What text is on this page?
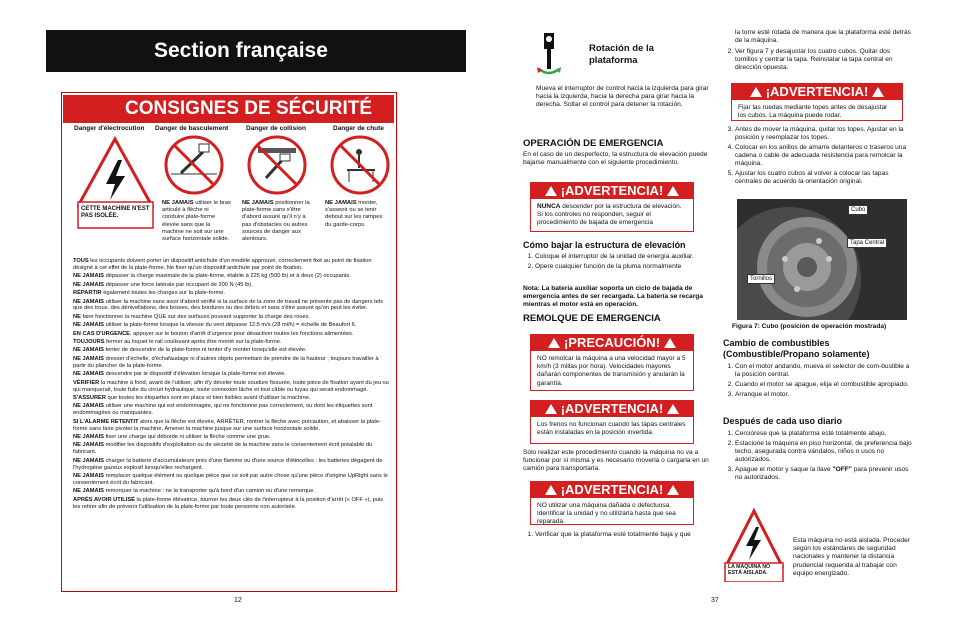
Section française
CONSIGNES DE SÉCURITÉ
Danger d'électrocution Danger de basculement	Danger de collision	Danger de chute
CETTE MACHINE N'EST PAS ISOLÉE.
NE JAMAIS utiliser le bras articulé à flèche ni conduire plate-forme élevée sans que la machine ne soit sur une surface horizontale solide.
NE JAMAIS positionner la plate-forme sans s'être d'abord assuré qu'il n'y a pas d'obstacles ou autres sources de danger aux alentours.
NE JAMAIS monter, s'asseoir ou se tenir debout sur les rampes du garde-corps.

TOUS les occupants doivent porter un dispositif antichute d'un modèle approuvé, correctement fixé au point de fixation désigné à cet effet de la plate-forme. Ne fixer qu'un dispositif antichute par point de fixation.

NE JAMAIS dépasser la charge maximale de la plate-forme, établie à 225 kg (500 lb) et à deux (2) occupants.

NE JAMAIS dépasser une force latérale par occupant de 200 N (45 lb).

RÉPARTIR également toutes les charges sur la plate-forme.

NE JAMAIS utiliser la machine sans avoir d'abord vérifié si la surface de la zone de travail ne présente pas de dangers tels que des trous, des dénivellations, des bosses, des bordures ou des débris et sans s'être assuré qu'on peut les éviter.

NE faire fonctionner la machine QUE sur des surfaces pouvant supporter la charge des roues.

NE JAMAIS utiliser la plate-forme lorsque la vitesse du vent dépasse 12,5 m/s (28 mi/h) = échelle de Beaufort 6.

EN CAS D'URGENCE, appuyer sur le bouton d'arrêt d'urgence pour désactiver toutes les fonctions alimentées.

TOUJOURS fermer au loquet le rail coulissant après être monté sur la plate-forme.

NE JAMAIS tenter de descendre de la plate-forme ni tenter d'y monter lorsqu'elle est élevée.

NE JAMAIS dresser d'échelle, d'échafaudage ni d'autres objets permettant de prendre de la hauteur ; toujours travailler à partir du plancher de la plate-forme.

NE JAMAIS descendre par le dispositif d'élévation lorsque la plate-forme est élevée.

VÉRIFIER la machine à fond, avant de l'utiliser, afin d'y déceler toute soudure fissurée, toute pièce de fixation ayant du jeu ou qui manquerait, toute fuite du circuit hydraulique, toute connexion lâche et tout câble ou tuyau qui serait endommagé.

S'ASSURER que toutes les étiquettes sont en place et bien lisibles avant d'utiliser la machine.

NE JAMAIS utiliser une machine qui est endommagée, qui ne fonctionne pas correctement, ou dont les étiquettes sont endommagées ou manquantes.

SI L'ALARME RETENTIT alors que la flèche est élevée, ARRÊTER, rentrer la flèche avec précaution, et abaisser la plate-forme sans faire pivoter la machine. Amener la machine jusque sur une surface horizontale solide.

NE JAMAIS fixer une charge qui déborde ni utiliser la flèche comme une grue.

NE JAMAIS modifier les dispositifs d'exploitation ou de sécurité de la machine sans le consentement écrit préalable du fabricant.

NE JAMAIS charger la batterie d'accumulateurs près d'une flamme ou d'une source d'étincelles : les batteries dégagent de l'hydrogène gazeux explosif lorsqu'elles rechargent.

NE JAMAIS remplacer quelque élément ou quelque pièce que ce soit par autre chose qu'une pièce d'origine UpRight sans le consentement écrit du fabricant.

NE JAMAIS remorquer la machine : ne la transporter qu'à bord d'un camion ou d'une remorque.

APRÈS AVOIR UTILISÉ la plate-forme élévatrice, tourner les deux clés de l'interrupteur à la position d'arrêt (« OFF »), puis les retirer afin de prévenir l'utilisation de la plate-forme par toute personne non autorisée.

12
Rotación de la plataforma
Mueva el interruptor de control hacia la izquierda para girar hacia la izquierda, hacia la derecha para girar hacia la derecha. Soltar el control para detener la rotación.
OPERACIÓN DE EMERGENCIA
En el caso de un desperfecto, la estructura de elevación puede bajarse manualmente con el siguiente procedimiento.
¡ADVERTENCIA!
NUNCA descender por la estructura de elevación. Si los controles no responden, seguir el procedimiento de bajada de emergencia
Cómo bajar la estructura de elevación
1. Coloque el interruptor de la unidad de energía auxiliar.
2. Opere cualquier función de la pluma normalmente
Nota: La batería auxiliar soporta un ciclo de bajada de emergencia antes de ser recargada. La batería se recarga mientras el motor está en operación.
REMOLQUE DE EMERGENCIA
¡PRECAUCIÓN!
NO remolcar la máquina a una velocidad mayor a 5 km/h (3 millas por hora). Velocidades mayores dañarán componentes de transmisión y anularán la garantía.
¡ADVERTENCIA!
Los frenos no funcionan cuando las tapas centrales están instaladas en la posición invertida.
Sólo realizar este procedimiento cuando la máquina no va a funcionar por sí misma y es necesario moverla o cargarla en un camión para transportarla.
¡ADVERTENCIA!
NO utilizar una máquina dañada o defectuosa. Identificar la unidad y no utilizarla hasta que sea reparada.
1. Verificar que la plataforma esté totalmente baja y que
la torre esté rotada de manera que la plataforma esté detrás de la máquina.
2. Ver figura 7 y desajustar los cuatro cubos. Quitar dos tornillos y centrar la tapa. Reinstalar la tapa central en dirección opuesta.
¡ADVERTENCIA!
Fijar las ruedas mediante topes antes de desajustar los cubos. La máquina puede rodar.
3. Antes de mover la máquina, quitar los topes. Ajustar en la posición y reemplazar los topes.
4. Colocar en los anillos de amarre delanteros o traseros una cadena o cable de adecuada resistencia para remolcar la máquina.
5. Ajustar los cuatro cubos al volver a colocar las tapas centrales de acuerdo la orientación original.
Cubo
Tapa Central
Tornillos
Figura 7: Cubo (posición de operación mostrada)
Cambio de combustibles (Combustible/Propano solamente)
1. Con el motor andando, mueva el selector de com-bustible a la posición central.
2. Cuando el motor se apague, elija el combustible apropiado.
3. Arranque el motor.
Después de cada uso diario
1. Cerciórese que la plataforma esté totalmente abajo.
2. Estacione la máquina en piso horizontal, de preferencia bajo techo, asegurada contra vándalos, niños o usos no autorizados.
3. Apague el motor y saque la llave "OFF" para prevenir usos no autorizados.
LA MÁQUINA NO ESTÁ AISLADA.
Esta máquina no está aislada. Proceder según los estándares de seguridad nacionales y mantener la distancia prudencial requerida al trabajar con equipo energizado.
37
